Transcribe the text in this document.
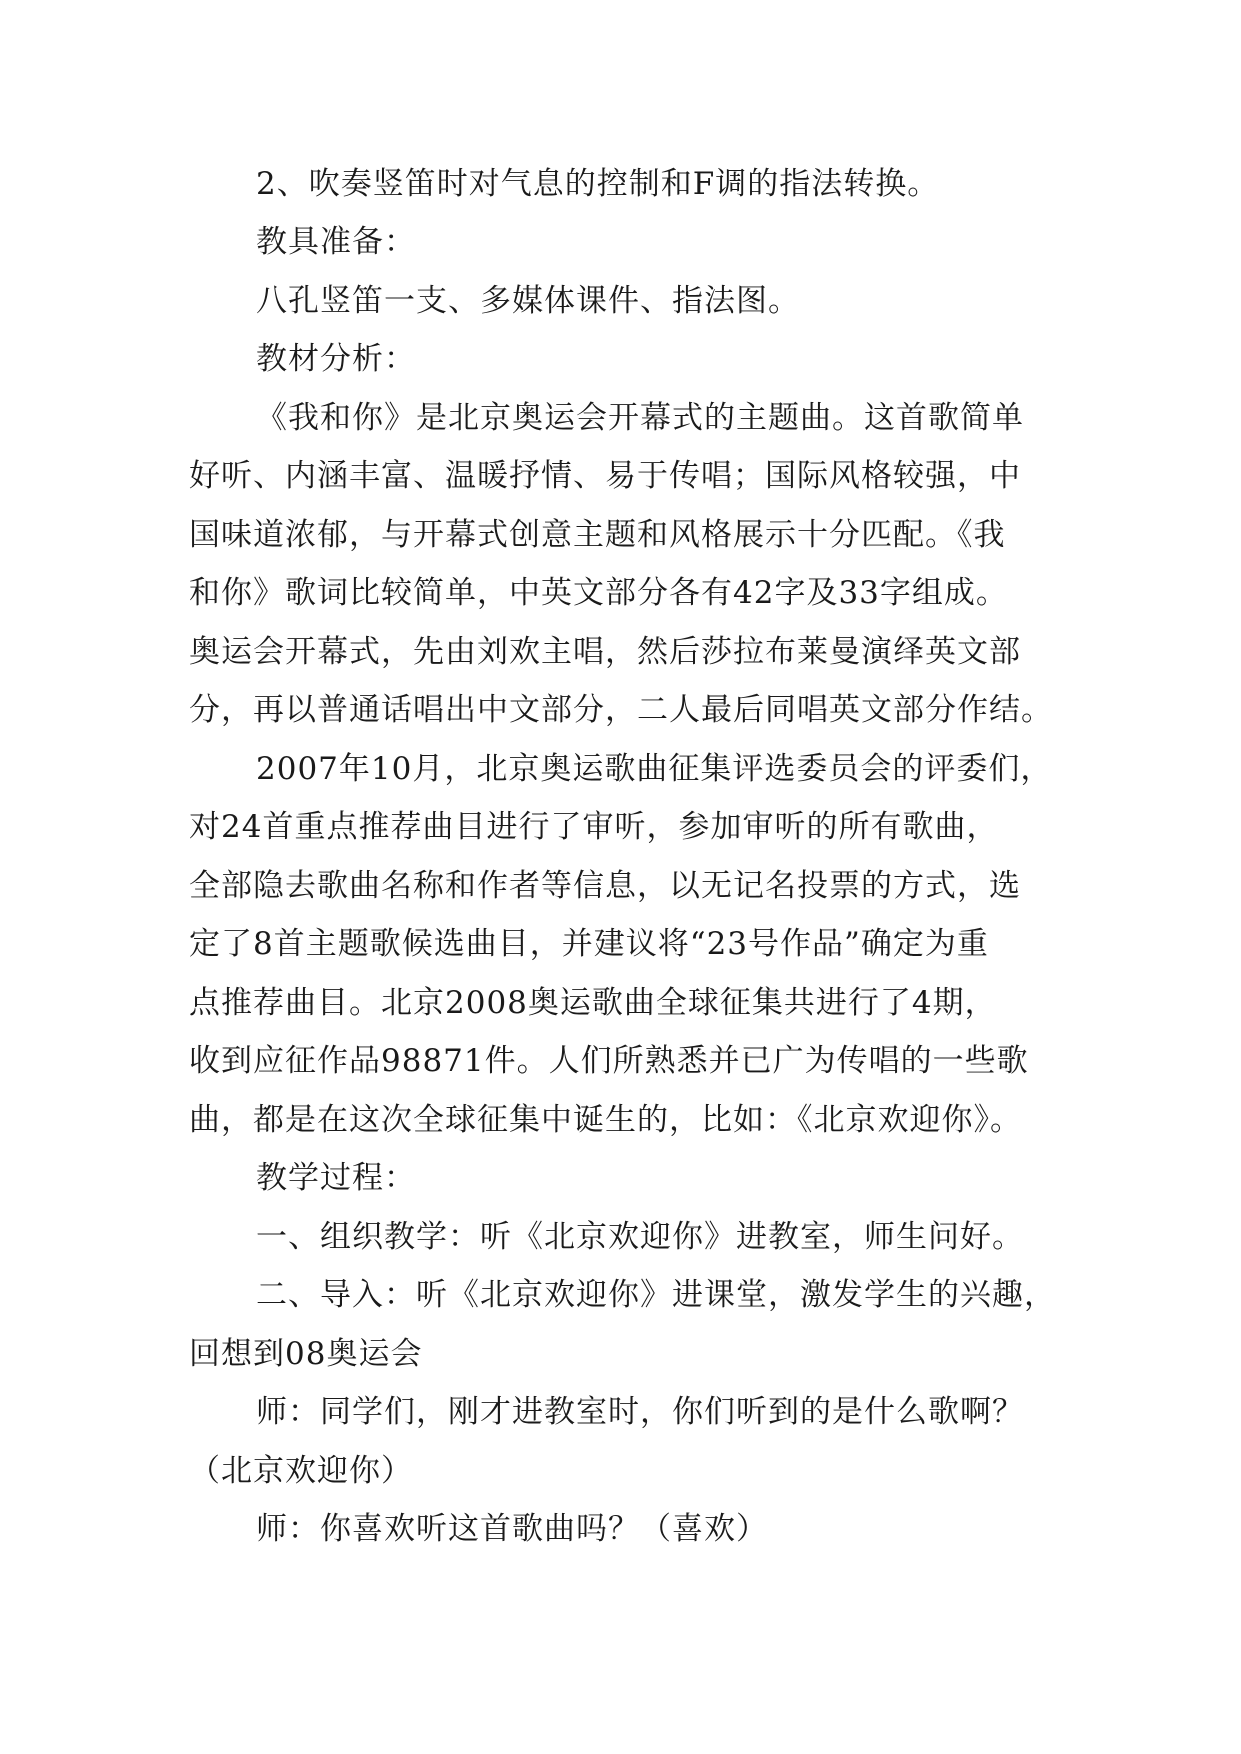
2、吹奏竖笛时对气息的控制和F调的指法转换。
教具准备：
八孔竖笛一支、多媒体课件、指法图。
教材分析：
《我和你》是北京奥运会开幕式的主题曲。这首歌简单
好听、内涵丰富、温暖抒情、易于传唱；国际风格较强，中
国味道浓郁，与开幕式创意主题和风格展示十分匹配。《我
和你》歌词比较简单，中英文部分各有42字及33字组成。
奥运会开幕式，先由刘欢主唱，然后莎拉布莱曼演绎英文部
分，再以普通话唱出中文部分，二人最后同唱英文部分作结。
2007年10月，北京奥运歌曲征集评选委员会的评委们，
对24首重点推荐曲目进行了审听，参加审听的所有歌曲，
全部隐去歌曲名称和作者等信息，以无记名投票的方式，选
定了8首主题歌候选曲目，并建议将“23号作品”确定为重
点推荐曲目。北京2008奥运歌曲全球征集共进行了4期，
收到应征作品98871件。人们所熟悉并已广为传唱的一些歌
曲，都是在这次全球征集中诞生的，比如：《北京欢迎你》。
教学过程：
一、组织教学：听《北京欢迎你》进教室，师生问好。
二、导入：听《北京欢迎你》进课堂，激发学生的兴趣，
回想到08奥运会
师：同学们，刚才进教室时，你们听到的是什么歌啊？
（北京欢迎你）
师：你喜欢听这首歌曲吗？（喜欢）
